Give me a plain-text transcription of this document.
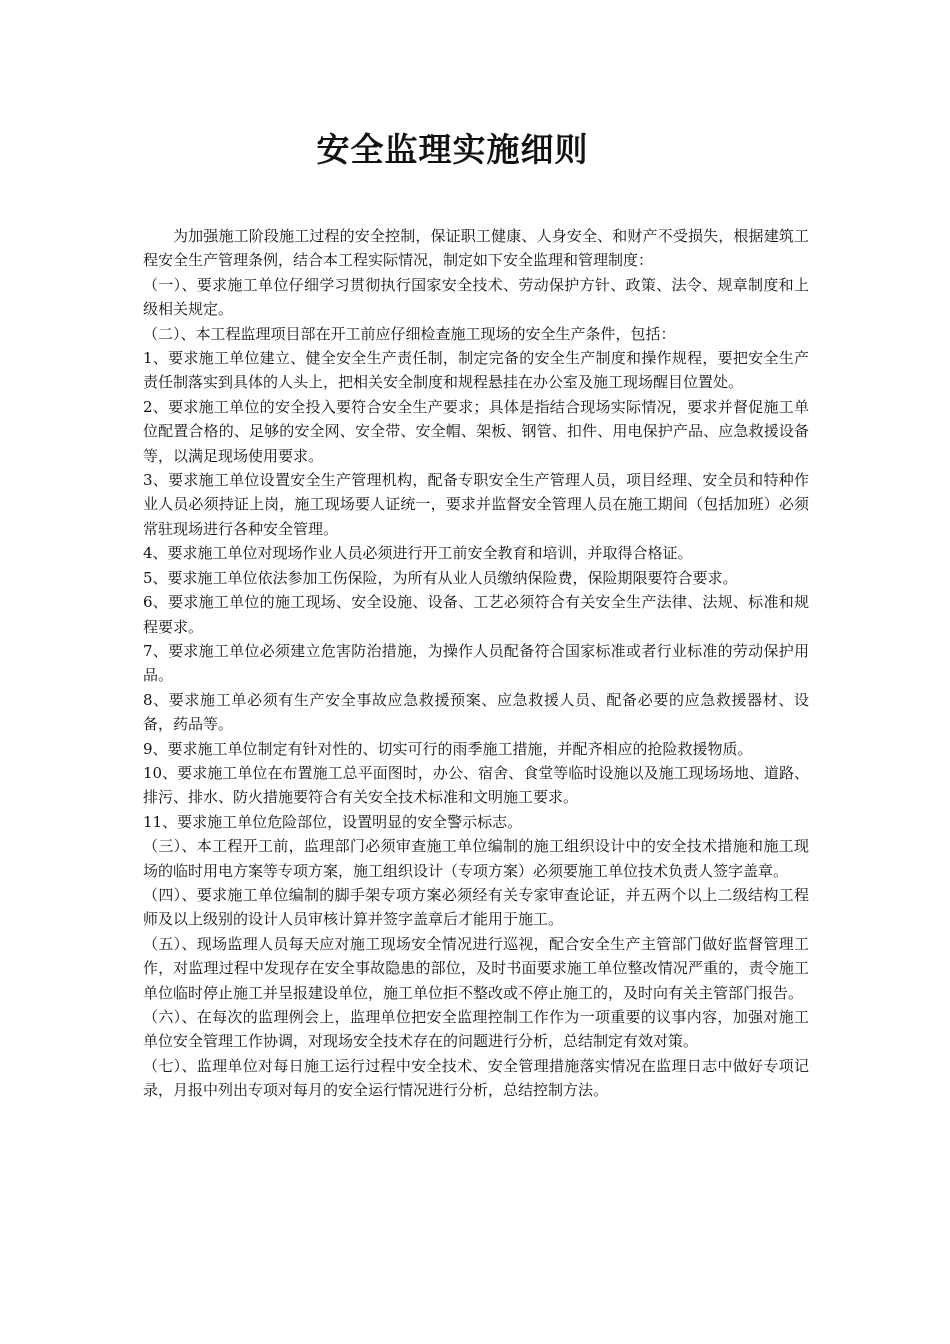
安全监理实施细则

为加强施工阶段施工过程的安全控制，保证职工健康、人身安全、和财产不受损失，根据建筑工程安全生产管理条例，结合本工程实际情况，制定如下安全监理和管理制度：

（一）、要求施工单位仔细学习贯彻执行国家安全技术、劳动保护方针、政策、法令、规章制度和上级相关规定。

（二）、本工程监理项目部在开工前应仔细检查施工现场的安全生产条件，包括：

1、要求施工单位建立、健全安全生产责任制，制定完备的安全生产制度和操作规程，要把安全生产责任制落实到具体的人头上，把相关安全制度和规程悬挂在办公室及施工现场醒目位置处。

2、要求施工单位的安全投入要符合安全生产要求；具体是指结合现场实际情况，要求并督促施工单位配置合格的、足够的安全网、安全带、安全帽、架板、钢管、扣件、用电保护产品、应急救援设备等，以满足现场使用要求。

3、要求施工单位设置安全生产管理机构，配备专职安全生产管理人员，项目经理、安全员和特种作业人员必须持证上岗，施工现场要人证统一，要求并监督安全管理人员在施工期间（包括加班）必须常驻现场进行各种安全管理。

4、要求施工单位对现场作业人员必须进行开工前安全教育和培训，并取得合格证。

5、要求施工单位依法参加工伤保险，为所有从业人员缴纳保险费，保险期限要符合要求。

6、要求施工单位的施工现场、安全设施、设备、工艺必须符合有关安全生产法律、法规、标准和规程要求。

7、要求施工单位必须建立危害防治措施，为操作人员配备符合国家标准或者行业标准的劳动保护用品。

8、要求施工单必须有生产安全事故应急救援预案、应急救援人员、配备必要的应急救援器材、设备，药品等。

9、要求施工单位制定有针对性的、切实可行的雨季施工措施，并配齐相应的抢险救援物质。

10、要求施工单位在布置施工总平面图时，办公、宿舍、食堂等临时设施以及施工现场场地、道路、排污、排水、防火措施要符合有关安全技术标准和文明施工要求。

11、要求施工单位危险部位，设置明显的安全警示标志。

（三）、本工程开工前，监理部门必须审查施工单位编制的施工组织设计中的安全技术措施和施工现场的临时用电方案等专项方案，施工组织设计（专项方案）必须要施工单位技术负责人签字盖章。

（四）、要求施工单位编制的脚手架专项方案必须经有关专家审查论证，并五两个以上二级结构工程师及以上级别的设计人员审核计算并签字盖章后才能用于施工。

（五）、现场监理人员每天应对施工现场安全情况进行巡视，配合安全生产主管部门做好监督管理工作，对监理过程中发现存在安全事故隐患的部位，及时书面要求施工单位整改情况严重的，责令施工单位临时停止施工并呈报建设单位，施工单位拒不整改或不停止施工的，及时向有关主管部门报告。

（六）、在每次的监理例会上，监理单位把安全监理控制工作作为一项重要的议事内容，加强对施工单位安全管理工作协调，对现场安全技术存在的问题进行分析，总结制定有效对策。

（七）、监理单位对每日施工运行过程中安全技术、安全管理措施落实情况在监理日志中做好专项记录，月报中列出专项对每月的安全运行情况进行分析，总结控制方法。
